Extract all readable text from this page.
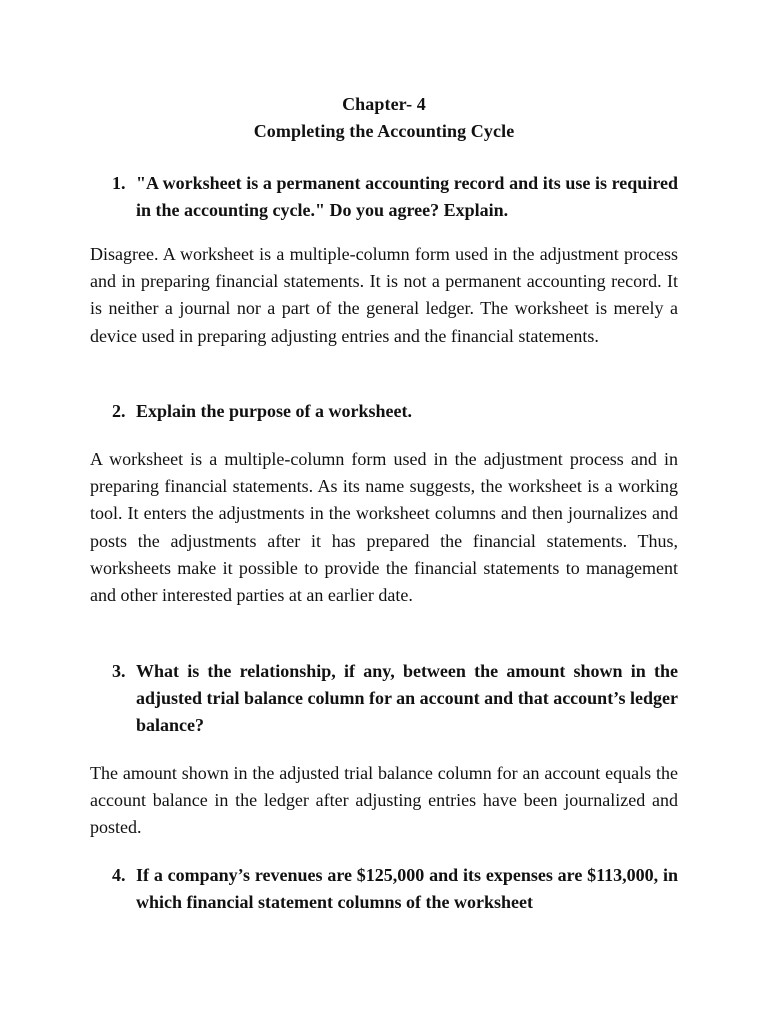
Chapter- 4
Completing the Accounting Cycle
1. "A worksheet is a permanent accounting record and its use is required in the accounting cycle." Do you agree? Explain.
Disagree. A worksheet is a multiple-column form used in the adjustment process and in preparing financial statements. It is not a permanent accounting record. It is neither a journal nor a part of the general ledger. The worksheet is merely a device used in preparing adjusting entries and the financial statements.
2. Explain the purpose of a worksheet.
A worksheet is a multiple-column form used in the adjustment process and in preparing financial statements. As its name suggests, the worksheet is a working tool. It enters the adjustments in the worksheet columns and then journalizes and posts the adjustments after it has prepared the financial statements. Thus, worksheets make it possible to provide the financial statements to management and other interested parties at an earlier date.
3. What is the relationship, if any, between the amount shown in the adjusted trial balance column for an account and that account’s ledger balance?
The amount shown in the adjusted trial balance column for an account equals the account balance in the ledger after adjusting entries have been journalized and posted.
4. If a company’s revenues are $125,000 and its expenses are $113,000, in which financial statement columns of the worksheet
